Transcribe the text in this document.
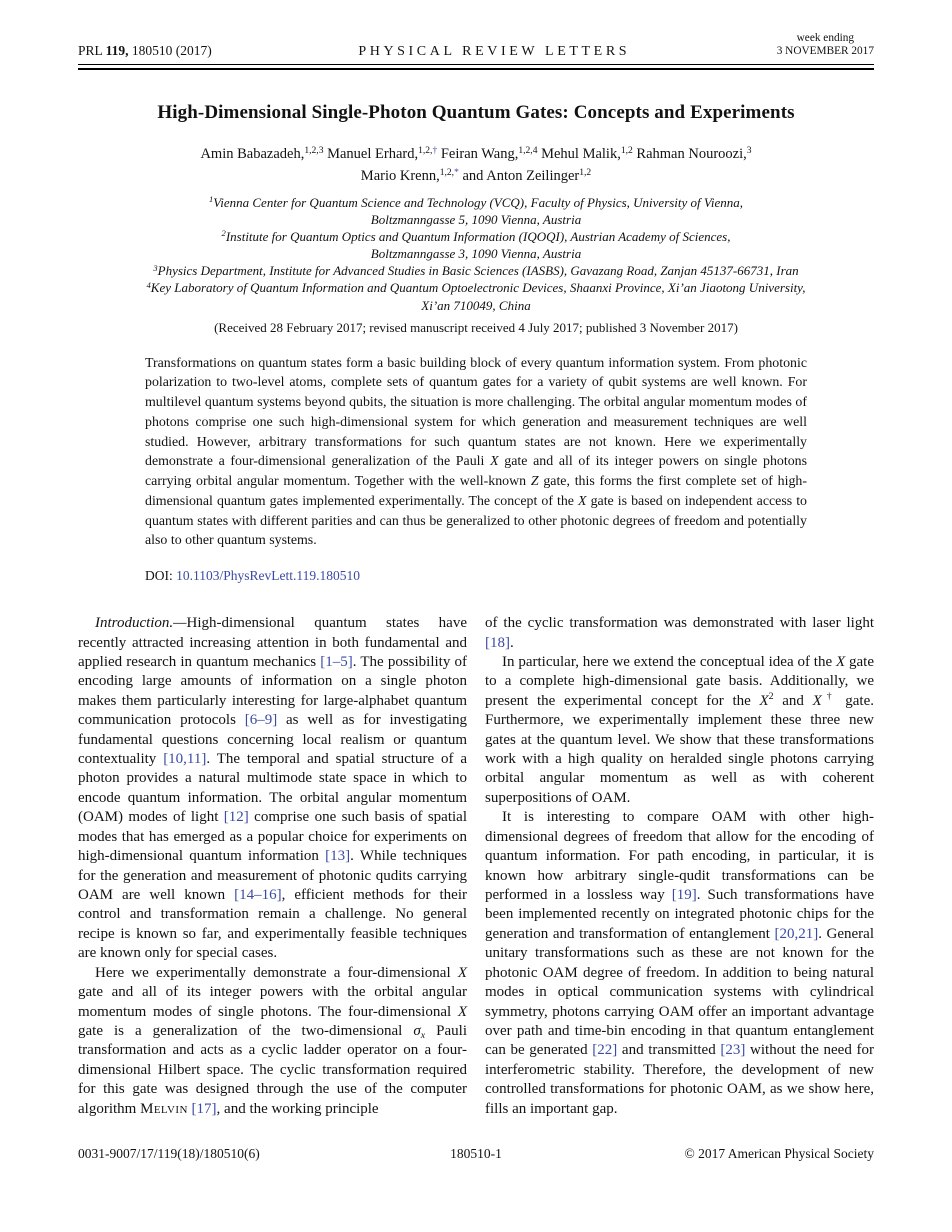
PRL 119, 180510 (2017)	PHYSICAL REVIEW LETTERS
week ending
3 NOVEMBER 2017
High-Dimensional Single-Photon Quantum Gates: Concepts and Experiments
Amin Babazadeh,$^{1,2,3}$ Manuel Erhard,$^{1,2,\dagger}$ Feiran Wang,$^{1,2,4}$ Mehul Malik,$^{1,2}$ Rahman Nouroozi,$^3$
Mario Krenn,$^{1,2,*}$ and Anton Zeilinger$^{1,2}$
$^1$Vienna Center for Quantum Science and Technology (VCQ), Faculty of Physics, University of Vienna,
Boltzmanngasse 5, 1090 Vienna, Austria
$^2$Institute for Quantum Optics and Quantum Information (IQOQI), Austrian Academy of Sciences,
Boltzmanngasse 3, 1090 Vienna, Austria
$^3$Physics Department, Institute for Advanced Studies in Basic Sciences (IASBS), Gavazang Road, Zanjan 45137-66731, Iran
$^4$Key Laboratory of Quantum Information and Quantum Optoelectronic Devices, Shaanxi Province, Xi’an Jiaotong University,
Xi’an 710049, China
(Received 28 February 2017; revised manuscript received 4 July 2017; published 3 November 2017)
Transformations on quantum states form a basic building block of every quantum information system. From photonic polarization to two-level atoms, complete sets of quantum gates for a variety of qubit systems are well known. For multilevel quantum systems beyond qubits, the situation is more challenging. The orbital angular momentum modes of photons comprise one such high-dimensional system for which generation and measurement techniques are well studied. However, arbitrary transformations for such quantum states are not known. Here we experimentally demonstrate a four-dimensional generalization of the Pauli X gate and all of its integer powers on single photons carrying orbital angular momentum. Together with the well-known Z gate, this forms the first complete set of high-dimensional quantum gates implemented experimentally. The concept of the X gate is based on independent access to quantum states with different parities and can thus be generalized to other photonic degrees of freedom and potentially also to other quantum systems.
DOI: 10.1103/PhysRevLett.119.180510

Introduction.—High-dimensional quantum states have recently attracted increasing attention in both fundamental and applied research in quantum mechanics [1–5]. The possibility of encoding large amounts of information on a single photon makes them particularly interesting for large-alphabet quantum communication protocols [6–9] as well as for investigating fundamental questions concerning local realism or quantum contextuality [10,11]. The temporal and spatial structure of a photon provides a natural multimode state space in which to encode quantum information. The orbital angular momentum (OAM) modes of light [12] comprise one such basis of spatial modes that has emerged as a popular choice for experiments on high-dimensional quantum information [13]. While techniques for the generation and measurement of photonic qudits carrying OAM are well known [14–16], efficient methods for their control and transformation remain a challenge. No general recipe is known so far, and experimentally feasible techniques are known only for special cases.

Here we experimentally demonstrate a four-dimensional X gate and all of its integer powers with the orbital angular momentum modes of single photons. The four-dimensional X gate is a generalization of the two-dimensional σx Pauli transformation and acts as a cyclic ladder operator on a four-dimensional Hilbert space. The cyclic transformation required for this gate was designed through the use of the computer algorithm Melvin [17], and the working principle

of the cyclic transformation was demonstrated with laser light [18].

In particular, here we extend the conceptual idea of the X gate to a complete high-dimensional gate basis. Additionally, we present the experimental concept for the $X^2$ and X† gate. Furthermore, we experimentally implement these three new gates at the quantum level. We show that these transformations work with a high quality on heralded single photons carrying orbital angular momentum as well as with coherent superpositions of OAM.

It is interesting to compare OAM with other high-dimensional degrees of freedom that allow for the encoding of quantum information. For path encoding, in particular, it is known how arbitrary single-qudit transformations can be performed in a lossless way [19]. Such transformations have been implemented recently on integrated photonic chips for the generation and transformation of entanglement [20,21]. General unitary transformations such as these are not known for the photonic OAM degree of freedom. In addition to being natural modes in optical communication systems with cylindrical symmetry, photons carrying OAM offer an important advantage over path and time-bin encoding in that quantum entanglement can be generated [22] and transmitted [23] without the need for interferometric stability. Therefore, the development of new controlled transformations for photonic OAM, as we show here, fills an important gap.

0031-9007/17/119(18)/180510(6)	180510-1	© 2017 American Physical Society
